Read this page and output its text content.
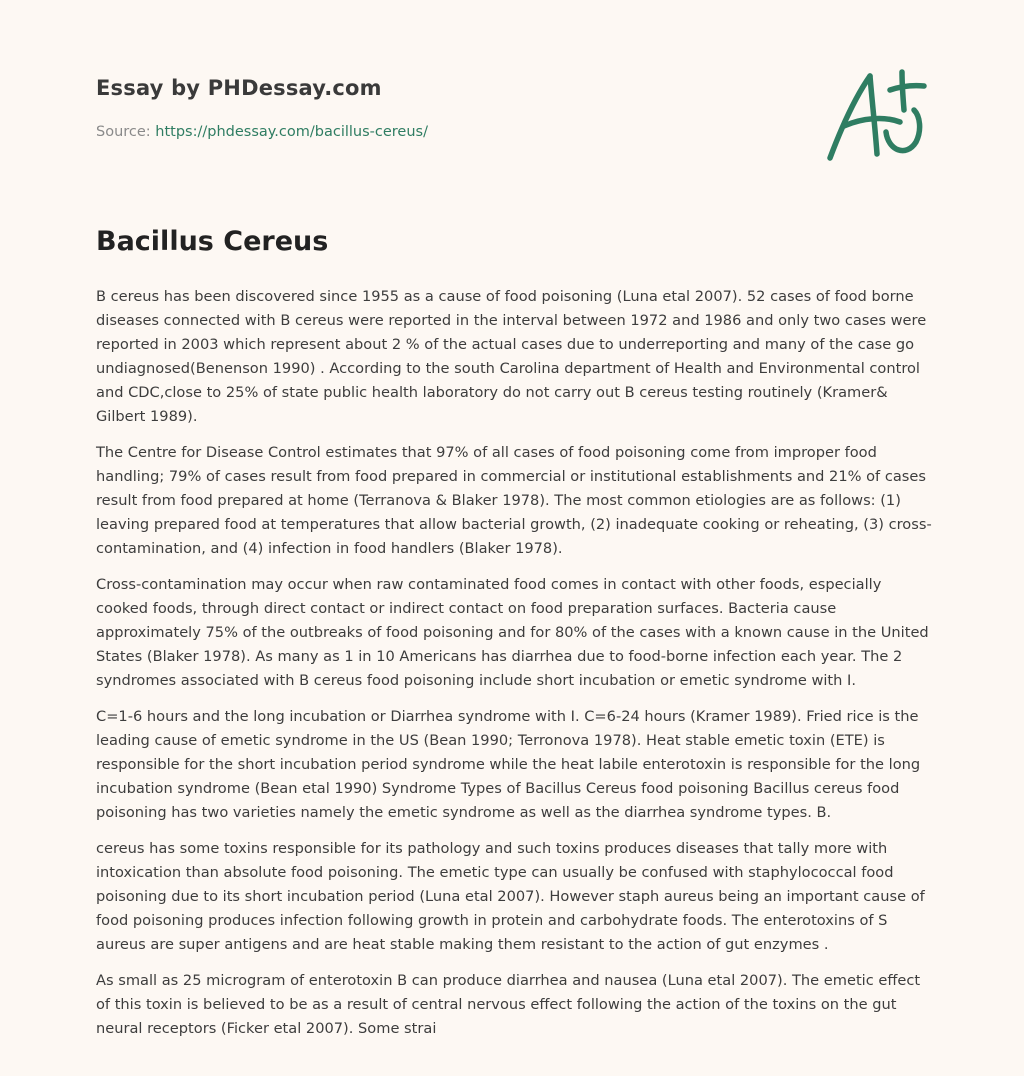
Essay by PHDessay.com
Source: https://phdessay.com/bacillus-cereus/
Bacillus Cereus

B cereus has been discovered since 1955 as a cause of food poisoning (Luna etal 2007). 52 cases of food borne diseases connected with B cereus were reported in the interval between 1972 and 1986 and only two cases were reported in 2003 which represent about 2 % of the actual cases due to underreporting and many of the case go undiagnosed(Benenson 1990) . According to the south Carolina department of Health and Environmental control and CDC,close to 25% of state public health laboratory do not carry out B cereus testing routinely (Kramer& Gilbert 1989).

The Centre for Disease Control estimates that 97% of all cases of food poisoning come from improper food handling; 79% of cases result from food prepared in commercial or institutional establishments and 21% of cases result from food prepared at home (Terranova & Blaker 1978). The most common etiologies are as follows: (1) leaving prepared food at temperatures that allow bacterial growth, (2) inadequate cooking or reheating, (3) cross-contamination, and (4) infection in food handlers (Blaker 1978).

Cross-contamination may occur when raw contaminated food comes in contact with other foods, especially cooked foods, through direct contact or indirect contact on food preparation surfaces. Bacteria cause approximately 75% of the outbreaks of food poisoning and for 80% of the cases with a known cause in the United States (Blaker 1978). As many as 1 in 10 Americans has diarrhea due to food-borne infection each year. The 2 syndromes associated with B cereus food poisoning include short incubation or emetic syndrome with I.

C=1-6 hours and the long incubation or Diarrhea syndrome with I. C=6-24 hours (Kramer 1989). Fried rice is the leading cause of emetic syndrome in the US (Bean 1990; Terronova 1978). Heat stable emetic toxin (ETE) is responsible for the short incubation period syndrome while the heat labile enterotoxin is responsible for the long incubation syndrome (Bean etal 1990) Syndrome Types of Bacillus Cereus food poisoning Bacillus cereus food poisoning has two varieties namely the emetic syndrome as well as the diarrhea syndrome types. B.

cereus has some toxins responsible for its pathology and such toxins produces diseases that tally more with intoxication than absolute food poisoning. The emetic type can usually be confused with staphylococcal food poisoning due to its short incubation period (Luna etal 2007). However staph aureus being an important cause of food poisoning produces infection following growth in protein and carbohydrate foods. The enterotoxins of S aureus are super antigens and are heat stable making them resistant to the action of gut enzymes .

As small as 25 microgram of enterotoxin B can produce diarrhea and nausea (Luna etal 2007). The emetic effect of this toxin is believed to be as a result of central nervous effect following the action of the toxins on the gut neural receptors (Ficker etal 2007). Some strai
